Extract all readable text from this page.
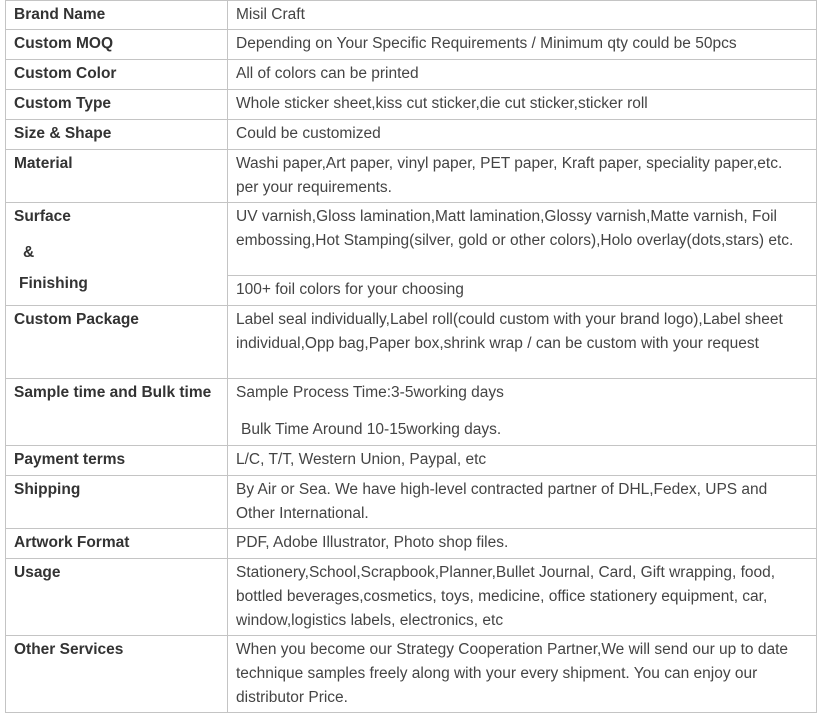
Brand Name	Misil Craft
Custom MOQ	Depending on Your Specific Requirements / Minimum qty could be 50pcs
Custom Color	All of colors can be printed
Custom Type	Whole sticker sheet,kiss cut sticker,die cut sticker,sticker roll
Size & Shape	Could be customized
Material	Washi paper,Art paper, vinyl paper, PET paper, Kraft paper, speciality paper,etc. per your requirements.

Surface
&
Finishing	UV varnish,Gloss lamination,Matt lamination,Glossy varnish,Matte varnish, Foil embossing,Hot Stamping(silver, gold or other colors),Holo overlay(dots,stars) etc.
	100+ foil colors for your choosing
Custom Package	Label seal individually,Label roll(could custom with your brand logo),Label sheet individual,Opp bag,Paper box,shrink wrap / can be custom with your request
Sample time and Bulk time	Sample Process Time:3-5working days
Bulk Time Around 10-15working days.

Payment terms	L/C, T/T, Western Union, Paypal, etc
Shipping	By Air or Sea. We have high-level contracted partner of DHL,Fedex, UPS and Other International.
Artwork Format	PDF, Adobe Illustrator, Photo shop files.
Usage	Stationery,School,Scrapbook,Planner,Bullet Journal, Card, Gift wrapping, food, bottled beverages,cosmetics, toys, medicine, office stationery equipment, car, window,logistics labels, electronics, etc
Other Services	When you become our Strategy Cooperation Partner,We will send our up to date technique samples freely along with your every shipment. You can enjoy our distributor Price.
